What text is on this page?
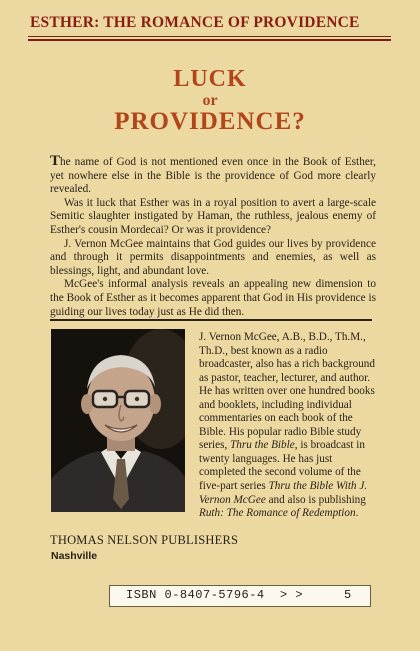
ESTHER: THE ROMANCE OF PROVIDENCE
LUCK
or
PROVIDENCE?

The name of God is not mentioned even once in the Book of Esther, yet nowhere else in the Bible is the providence of God more clearly revealed.

Was it luck that Esther was in a royal position to avert a large-scale Semitic slaughter instigated by Haman, the ruthless, jealous enemy of Esther's cousin Mordecai? Or was it providence?

J. Vernon McGee maintains that God guides our lives by providence and through it permits disappointments and enemies, as well as blessings, light, and abundant love.

McGee's informal analysis reveals an appealing new dimension to the Book of Esther as it becomes apparent that God in His providence is guiding our lives today just as He did then.

J. Vernon McGee, A.B., B.D., Th.M., Th.D., best known as a radio broadcaster, also has a rich background as pastor, teacher, lecturer, and author. He has written over one hundred books and booklets, including individual commentaries on each book of the Bible. His popular radio Bible study series, Thru the Bible, is broadcast in twenty languages. He has just completed the second volume of the five-part series Thru the Bible With J. Vernon McGee and also is publishing Ruth: The Romance of Redemption.
THOMAS NELSON PUBLISHERS
Nashville
ISBN 0-8407-5796-4  > >	5
